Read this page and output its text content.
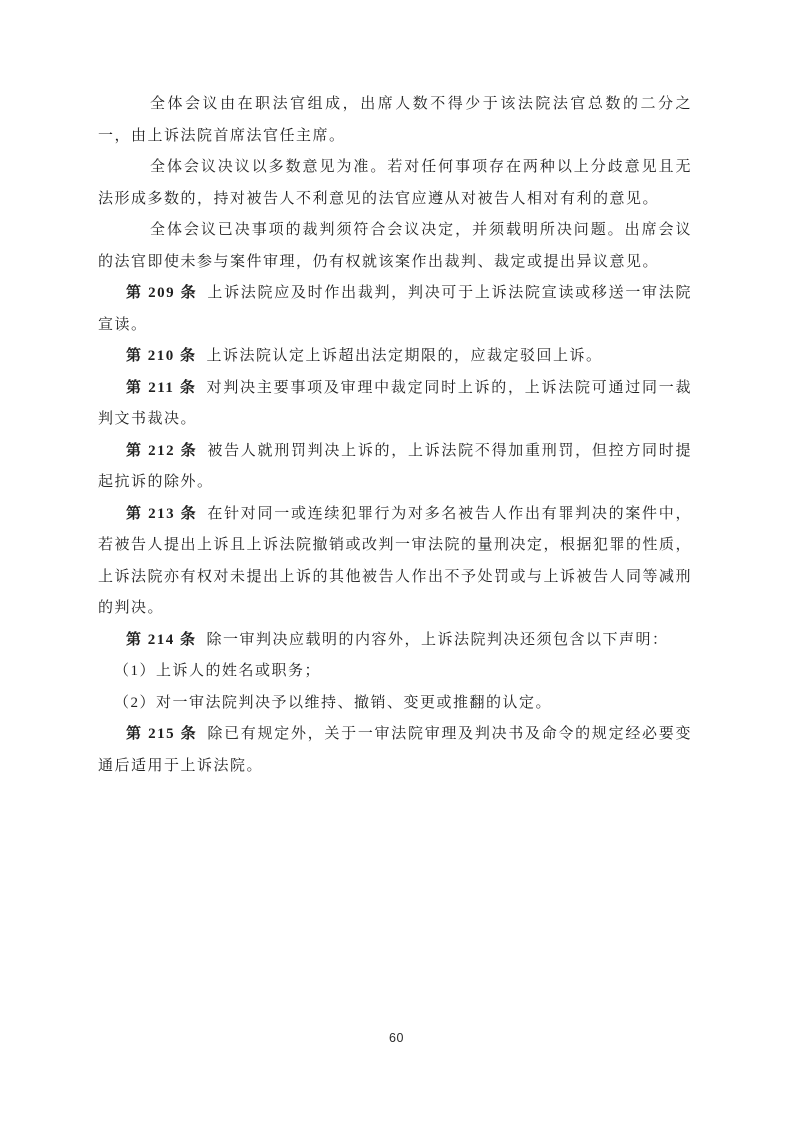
全体会议由在职法官组成，出席人数不得少于该法院法官总数的二分之一，由上诉法院首席法官任主席。

全体会议决议以多数意见为准。若对任何事项存在两种以上分歧意见且无法形成多数的，持对被告人不利意见的法官应遵从对被告人相对有利的意见。

全体会议已决事项的裁判须符合会议决定，并须载明所决问题。出席会议的法官即使未参与案件审理，仍有权就该案作出裁判、裁定或提出异议意见。

第 209 条 上诉法院应及时作出裁判，判决可于上诉法院宣读或移送一审法院宣读。

第 210 条 上诉法院认定上诉超出法定期限的，应裁定驳回上诉。

第 211 条 对判决主要事项及审理中裁定同时上诉的，上诉法院可通过同一裁判文书裁决。

第 212 条 被告人就刑罚判决上诉的，上诉法院不得加重刑罚，但控方同时提起抗诉的除外。

第 213 条 在针对同一或连续犯罪行为对多名被告人作出有罪判决的案件中，若被告人提出上诉且上诉法院撤销或改判一审法院的量刑决定，根据犯罪的性质，上诉法院亦有权对未提出上诉的其他被告人作出不予处罚或与上诉被告人同等减刑的判决。

第 214 条 除一审判决应载明的内容外，上诉法院判决还须包含以下声明：

（1）上诉人的姓名或职务；

（2）对一审法院判决予以维持、撤销、变更或推翻的认定。

第 215 条 除已有规定外，关于一审法院审理及判决书及命令的规定经必要变通后适用于上诉法院。

60
